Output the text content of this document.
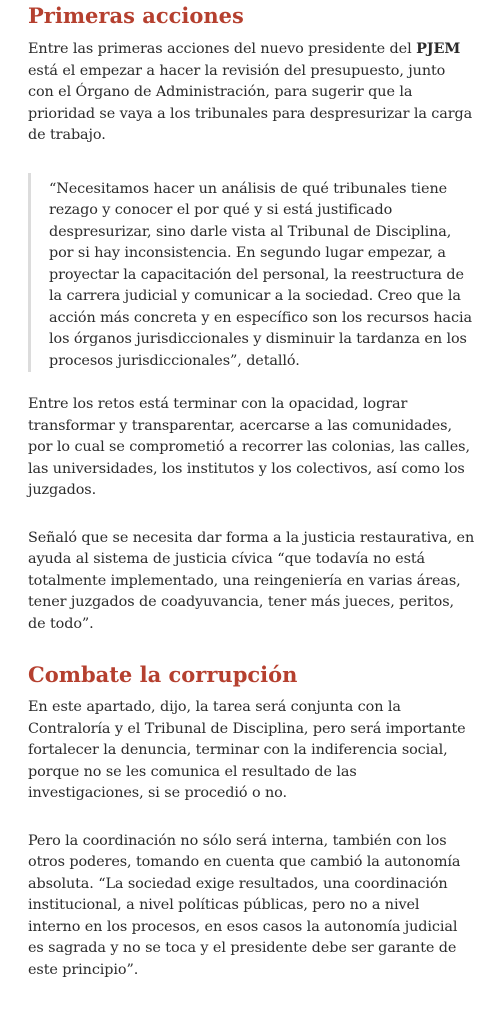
Primeras acciones

Entre las primeras acciones del nuevo presidente del PJEM está el empezar a hacer la revisión del presupuesto, junto con el Órgano de Administración, para sugerir que la prioridad se vaya a los tribunales para despresurizar la carga de trabajo.

“Necesitamos hacer un análisis de qué tribunales tiene rezago y conocer el por qué y si está justificado despresurizar, sino darle vista al Tribunal de Disciplina, por si hay inconsistencia. En segundo lugar empezar, a proyectar la capacitación del personal, la reestructura de la carrera judicial y comunicar a la sociedad. Creo que la acción más concreta y en específico son los recursos hacia los órganos jurisdiccionales y disminuir la tardanza en los procesos jurisdiccionales”, detalló.

Entre los retos está terminar con la opacidad, lograr transformar y transparentar, acercarse a las comunidades, por lo cual se comprometió a recorrer las colonias, las calles, las universidades, los institutos y los colectivos, así como los juzgados.

Señaló que se necesita dar forma a la justicia restaurativa, en ayuda al sistema de justicia cívica “que todavía no está totalmente implementado, una reingeniería en varias áreas, tener juzgados de coadyuvancia, tener más jueces, peritos, de todo”.

Combate la corrupción

En este apartado, dijo, la tarea será conjunta con la Contraloría y el Tribunal de Disciplina, pero será importante fortalecer la denuncia, terminar con la indiferencia social, porque no se les comunica el resultado de las investigaciones, si se procedió o no.

Pero la coordinación no sólo será interna, también con los otros poderes, tomando en cuenta que cambió la autonomía absoluta. “La sociedad exige resultados, una coordinación institucional, a nivel políticas públicas, pero no a nivel interno en los procesos, en esos casos la autonomía judicial es sagrada y no se toca y el presidente debe ser garante de este principio”.
